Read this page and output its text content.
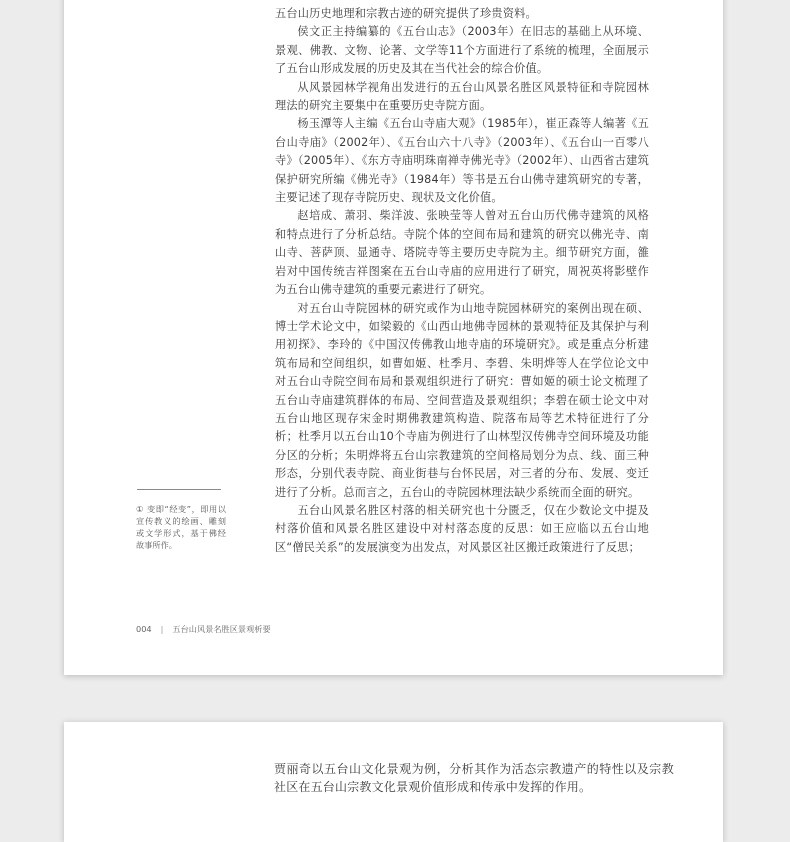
五台山历史地理和宗教古迹的研究提供了珍贵资料。

侯文正主持编纂的《五台山志》（2003年）在旧志的基础上从环境、景观、佛教、文物、论著、文学等11个方面进行了系统的梳理，全面展示了五台山形成发展的历史及其在当代社会的综合价值。

从风景园林学视角出发进行的五台山风景名胜区风景特征和寺院园林理法的研究主要集中在重要历史寺院方面。

杨玉潭等人主编《五台山寺庙大观》（1985年），崔正森等人编著《五台山寺庙》（2002年）、《五台山六十八寺》（2003年）、《五台山一百零八寺》（2005年）、《东方寺庙明珠南禅寺佛光寺》（2002年）、山西省古建筑保护研究所编《佛光寺》（1984年）等书是五台山佛寺建筑研究的专著，主要记述了现存寺院历史、现状及文化价值。

赵培成、萧羽、柴洋波、张映莹等人曾对五台山历代佛寺建筑的风格和特点进行了分析总结。寺院个体的空间布局和建筑的研究以佛光寺、南山寺、菩萨顶、显通寺、塔院寺等主要历史寺院为主。细节研究方面，雒岩对中国传统吉祥图案在五台山寺庙的应用进行了研究，周祝英将影壁作为五台山佛寺建筑的重要元素进行了研究。

对五台山寺院园林的研究或作为山地寺院园林研究的案例出现在硕、博士学术论文中，如梁毅的《山西山地佛寺园林的景观特征及其保护与利用初探》、李玲的《中国汉传佛教山地寺庙的环境研究》。或是重点分析建筑布局和空间组织，如曹如姬、杜季月、李碧、朱明烨等人在学位论文中对五台山寺院空间布局和景观组织进行了研究：曹如姬的硕士论文梳理了五台山寺庙建筑群体的布局、空间营造及景观组织；李碧在硕士论文中对五台山地区现存宋金时期佛教建筑构造、院落布局等艺术特征进行了分析；杜季月以五台山10个寺庙为例进行了山林型汉传佛寺空间环境及功能分区的分析；朱明烨将五台山宗教建筑的空间格局划分为点、线、面三种形态，分别代表寺院、商业街巷与台怀民居，对三者的分布、发展、变迁进行了分析。总而言之，五台山的寺院园林理法缺少系统而全面的研究。

五台山风景名胜区村落的相关研究也十分匮乏，仅在少数论文中提及村落价值和风景名胜区建设中对村落态度的反思：如王应临以五台山地区“僧民关系”的发展演变为出发点，对风景区社区搬迁政策进行了反思；

① 变即“经变”，即用以宣传教义的绘画、雕刻或文学形式，基于佛经故事所作。
004 | 五台山风景名胜区景观析要

贾丽奇以五台山文化景观为例，分析其作为活态宗教遗产的特性以及宗教社区在五台山宗教文化景观价值形成和传承中发挥的作用。
